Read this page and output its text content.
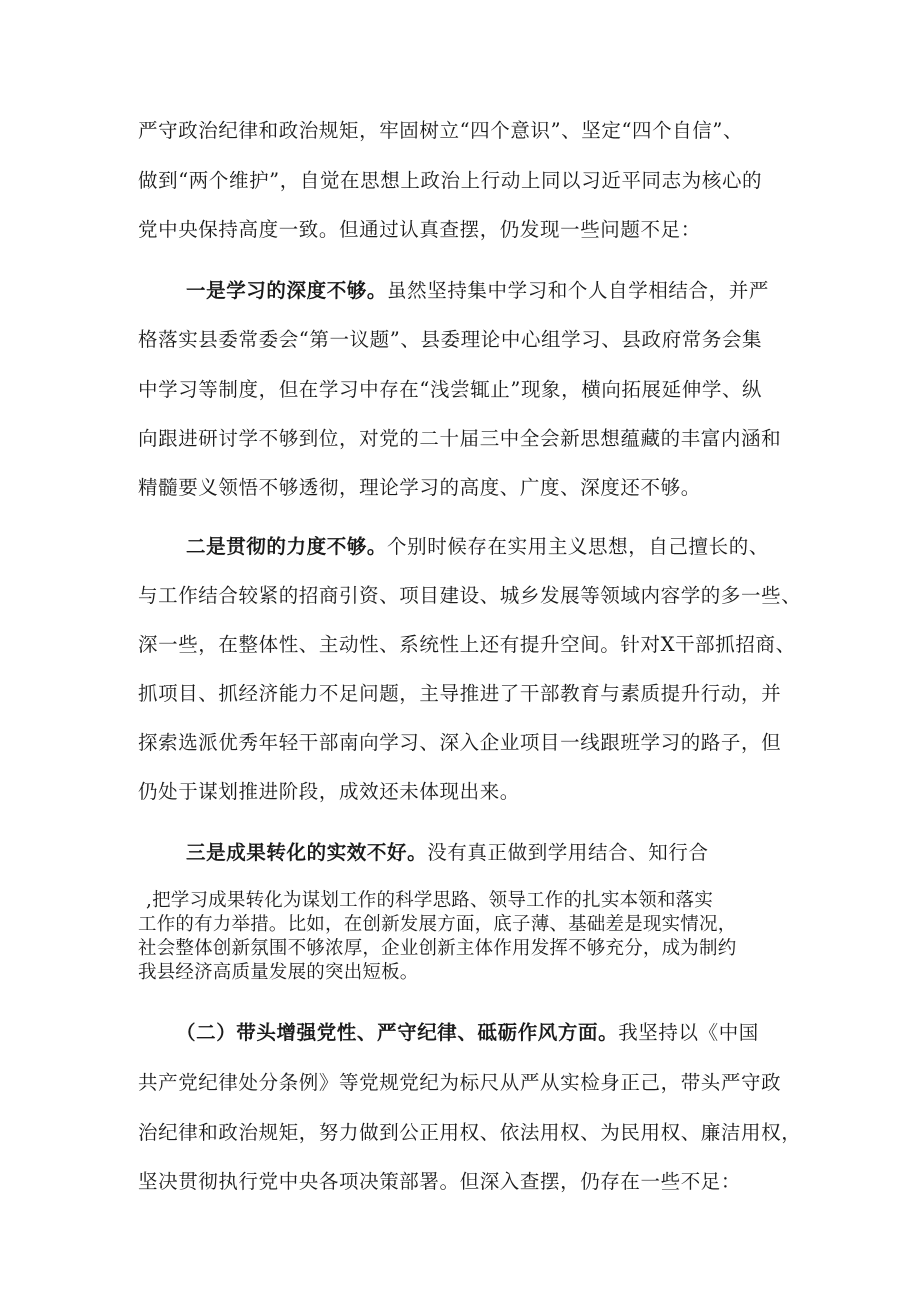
严守政治纪律和政治规矩，牢固树立“四个意识”、坚定“四个自信”、
做到“两个维护”，自觉在思想上政治上行动上同以习近平同志为核心的
党中央保持高度一致。但通过认真查摆，仍发现一些问题不足：
一是学习的深度不够。虽然坚持集中学习和个人自学相结合，并严
格落实县委常委会“第一议题”、县委理论中心组学习、县政府常务会集
中学习等制度，但在学习中存在“浅尝辄止”现象，横向拓展延伸学、纵
向跟进研讨学不够到位，对党的二十届三中全会新思想蕴藏的丰富内涵和
精髓要义领悟不够透彻，理论学习的高度、广度、深度还不够。
二是贯彻的力度不够。个别时候存在实用主义思想，自己擅长的、
与工作结合较紧的招商引资、项目建设、城乡发展等领域内容学的多一些、
深一些，在整体性、主动性、系统性上还有提升空间。针对X干部抓招商、
抓项目、抓经济能力不足问题，主导推进了干部教育与素质提升行动，并
探索选派优秀年轻干部南向学习、深入企业项目一线跟班学习的路子，但
仍处于谋划推进阶段，成效还未体现出来。
三是成果转化的实效不好。没有真正做到学用结合、知行合
,把学习成果转化为谋划工作的科学思路、领导工作的扎实本领和落实
工作的有力举措。比如，在创新发展方面，底子薄、基础差是现实情况，
社会整体创新氛围不够浓厚，企业创新主体作用发挥不够充分，成为制约
我县经济高质量发展的突出短板。
（二）带头增强党性、严守纪律、砥砺作风方面。我坚持以《中国
共产党纪律处分条例》等党规党纪为标尺从严从实检身正己，带头严守政
治纪律和政治规矩，努力做到公正用权、依法用权、为民用权、廉洁用权，
坚决贯彻执行党中央各项决策部署。但深入查摆，仍存在一些不足：
